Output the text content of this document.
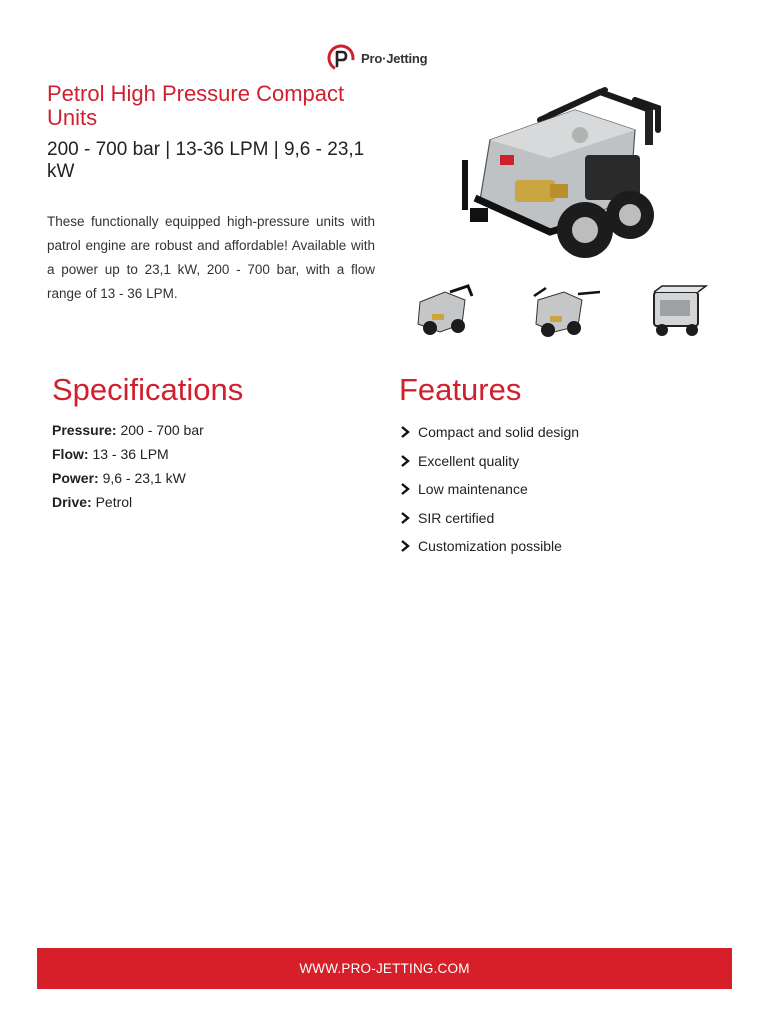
Pro·Jetting
Petrol High Pressure Compact Units
200 - 700 bar | 13-36 LPM | 9,6 - 23,1 kW

These functionally equipped high-pressure units with patrol engine are robust and affordable! Available with a power up to 23,1 kW, 200 - 700 bar, with a flow range of 13 - 36 LPM.

Specifications
Pressure: 200 - 700 bar
Flow: 13 - 36 LPM
Power: 9,6 - 23,1 kW
Drive: Petrol
Features
Compact and solid design
Excellent quality
Low maintenance
SIR certified
Customization possible
WWW.PRO-JETTING.COM
